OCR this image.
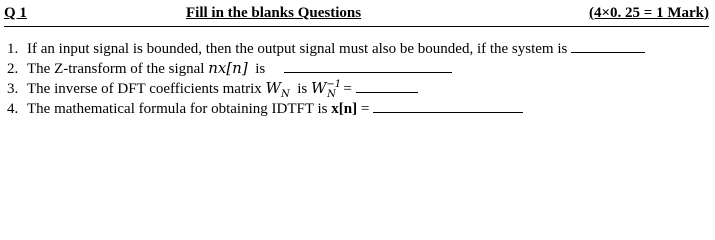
Q 1	Fill in the blanks Questions	(4×0. 25 = 1 Mark)
1. If an input signal is bounded, then the output signal must also be bounded, if the system is
2. The Z-transform of the signal nx[n] is
3. The inverse of DFT coefficients matrix $W_N$ is $W^{-1}_N$ =
4. The mathematical formula for obtaining IDTFT is x[n] =
